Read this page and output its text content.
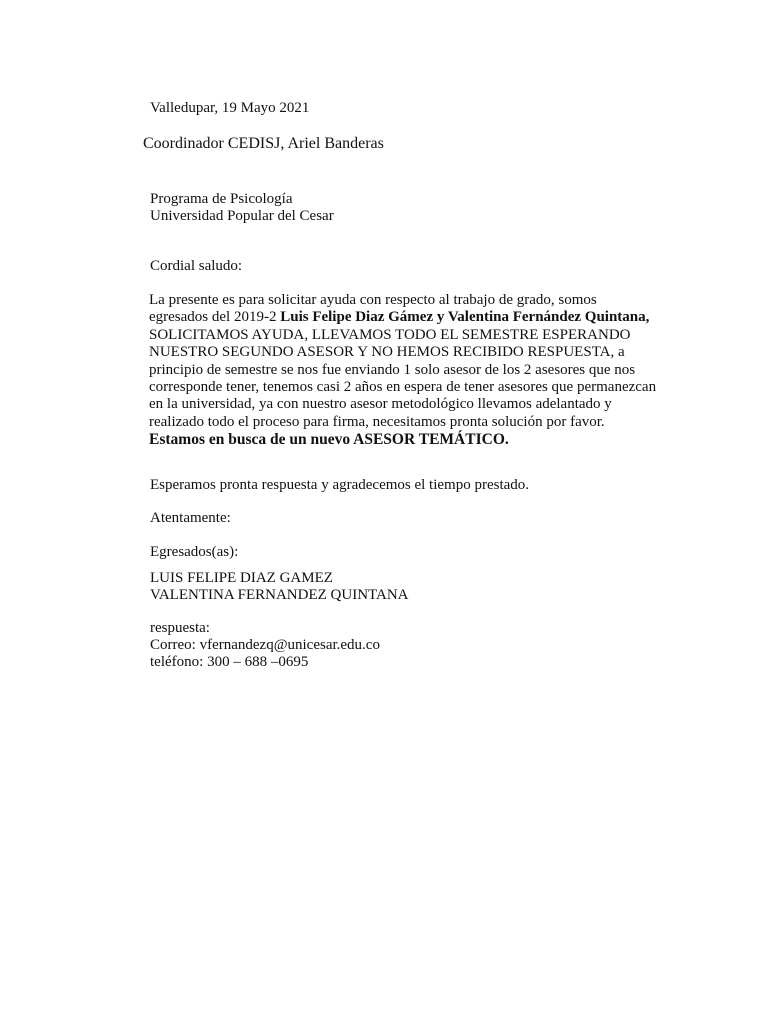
Valledupar, 19 Mayo 2021
Coordinador CEDISJ, Ariel Banderas
Programa de Psicología
Universidad Popular del Cesar
Cordial saludo:
La presente es para solicitar ayuda con respecto al trabajo de grado, somos
egresados del 2019-2 Luis Felipe Diaz Gámez y Valentina Fernández Quintana,
SOLICITAMOS AYUDA, LLEVAMOS TODO EL SEMESTRE ESPERANDO
NUESTRO SEGUNDO ASESOR Y NO HEMOS RECIBIDO RESPUESTA, a
principio de semestre se nos fue enviando 1 solo asesor de los 2 asesores que nos
corresponde tener, tenemos casi 2 años en espera de tener asesores que permanezcan
en la universidad, ya con nuestro asesor metodológico llevamos adelantado y
realizado todo el proceso para firma, necesitamos pronta solución por favor.
Estamos en busca de un nuevo ASESOR TEMÁTICO.
Esperamos pronta respuesta y agradecemos el tiempo prestado.
Atentamente:
Egresados(as):
LUIS FELIPE DIAZ GAMEZ
VALENTINA FERNANDEZ QUINTANA
respuesta:
Correo: vfernandezq@unicesar.edu.co
teléfono: 300 – 688 –0695
